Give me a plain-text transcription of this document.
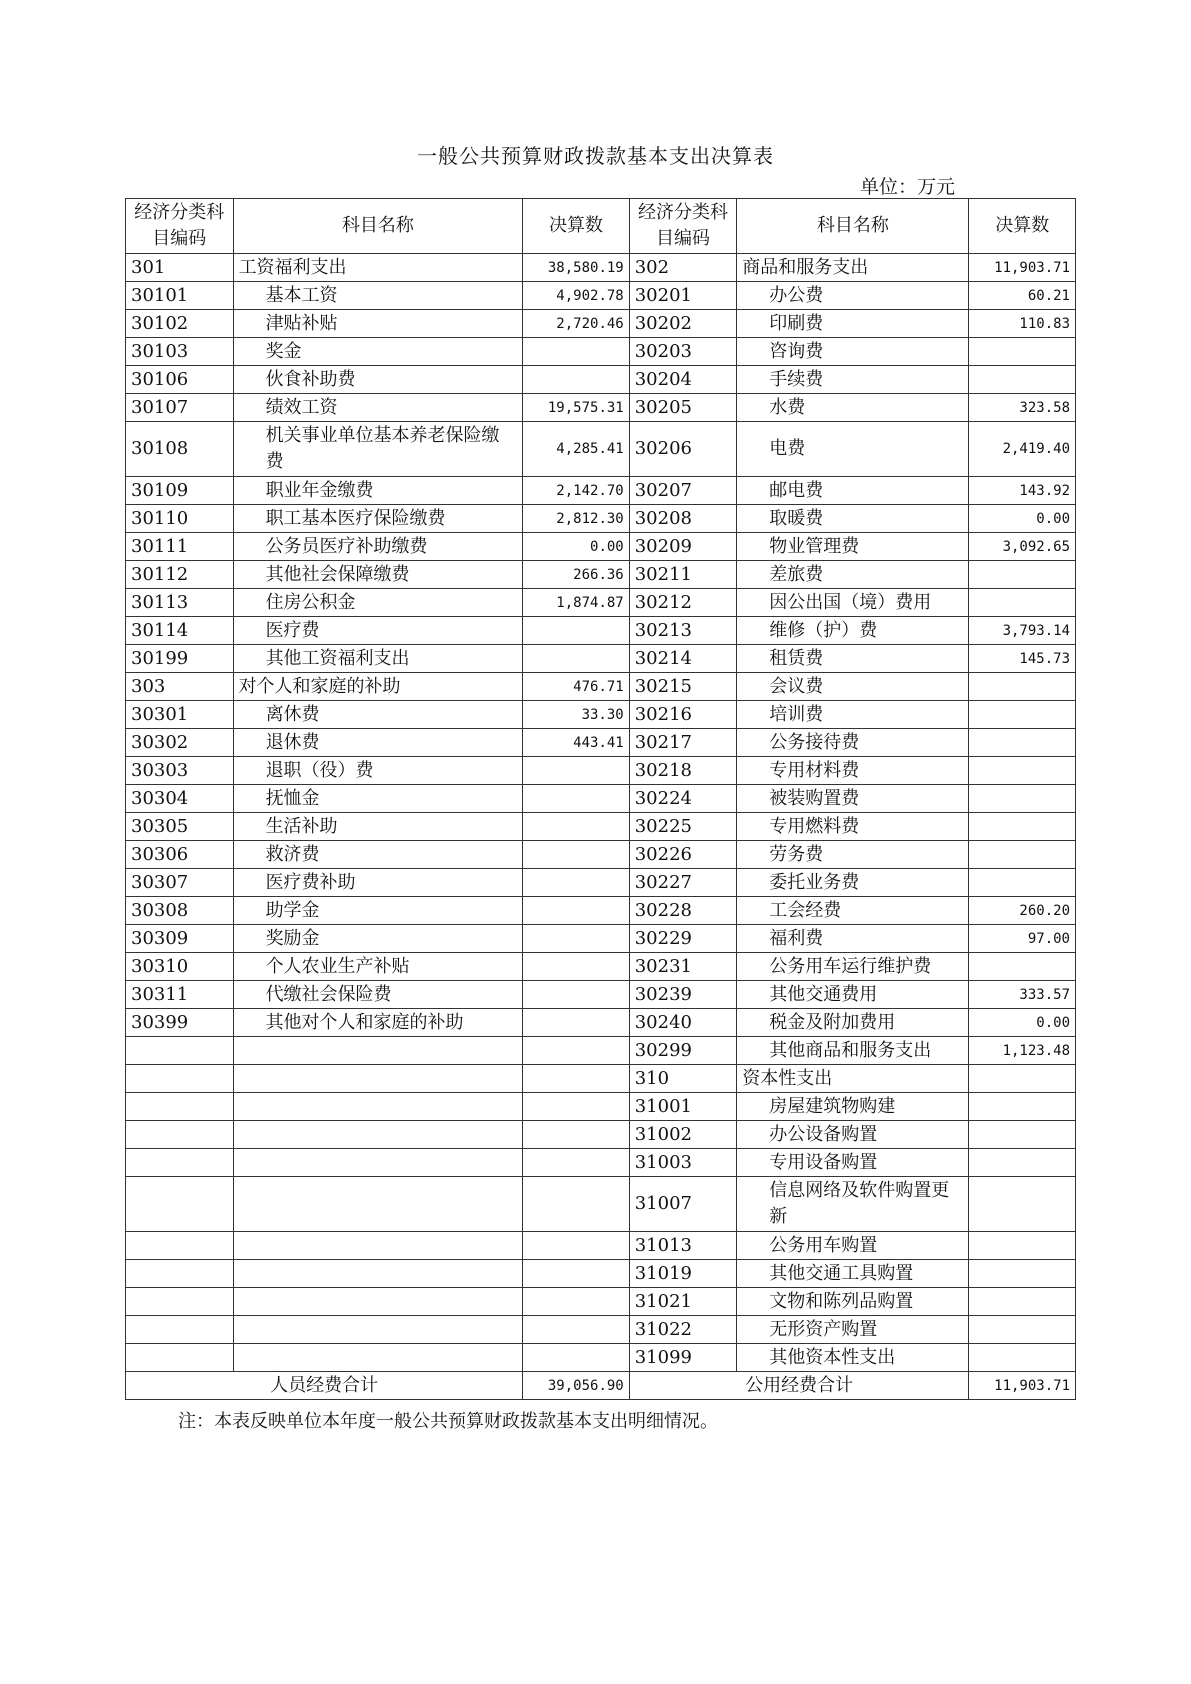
一般公共预算财政拨款基本支出决算表
单位：万元
经济分类科目编码	科目名称	决算数	经济分类科目编码	科目名称	决算数
301	工资福利支出	38,580.19	302	商品和服务支出	11,903.71
30101	基本工资	4,902.78	30201	办公费	60.21
30102	津贴补贴	2,720.46	30202	印刷费	110.83
30103	奖金		30203	咨询费	
30106	伙食补助费		30204	手续费	
30107	绩效工资	19,575.31	30205	水费	323.58
30108	机关事业单位基本养老保险缴费	4,285.41	30206	电费	2,419.40
30109	职业年金缴费	2,142.70	30207	邮电费	143.92
30110	职工基本医疗保险缴费	2,812.30	30208	取暖费	0.00
30111	公务员医疗补助缴费	0.00	30209	物业管理费	3,092.65
30112	其他社会保障缴费	266.36	30211	差旅费	
30113	住房公积金	1,874.87	30212	因公出国（境）费用	
30114	医疗费		30213	维修（护）费	3,793.14
30199	其他工资福利支出		30214	租赁费	145.73
303	对个人和家庭的补助	476.71	30215	会议费	
30301	离休费	33.30	30216	培训费	
30302	退休费	443.41	30217	公务接待费	
30303	退职（役）费		30218	专用材料费	
30304	抚恤金		30224	被装购置费	
30305	生活补助		30225	专用燃料费	
30306	救济费		30226	劳务费	
30307	医疗费补助		30227	委托业务费	
30308	助学金		30228	工会经费	260.20
30309	奖励金		30229	福利费	97.00
30310	个人农业生产补贴		30231	公务用车运行维护费	
30311	代缴社会保险费		30239	其他交通费用	333.57
30399	其他对个人和家庭的补助		30240	税金及附加费用	0.00
			30299	其他商品和服务支出	1,123.48
			310	资本性支出	
			31001	房屋建筑物购建	
			31002	办公设备购置	
			31003	专用设备购置	
			31007	信息网络及软件购置更新	
			31013	公务用车购置	
			31019	其他交通工具购置	
			31021	文物和陈列品购置	
			31022	无形资产购置	
			31099	其他资本性支出	
人员经费合计		39,056.90	公用经费合计		11,903.71
注：本表反映单位本年度一般公共预算财政拨款基本支出明细情况。
